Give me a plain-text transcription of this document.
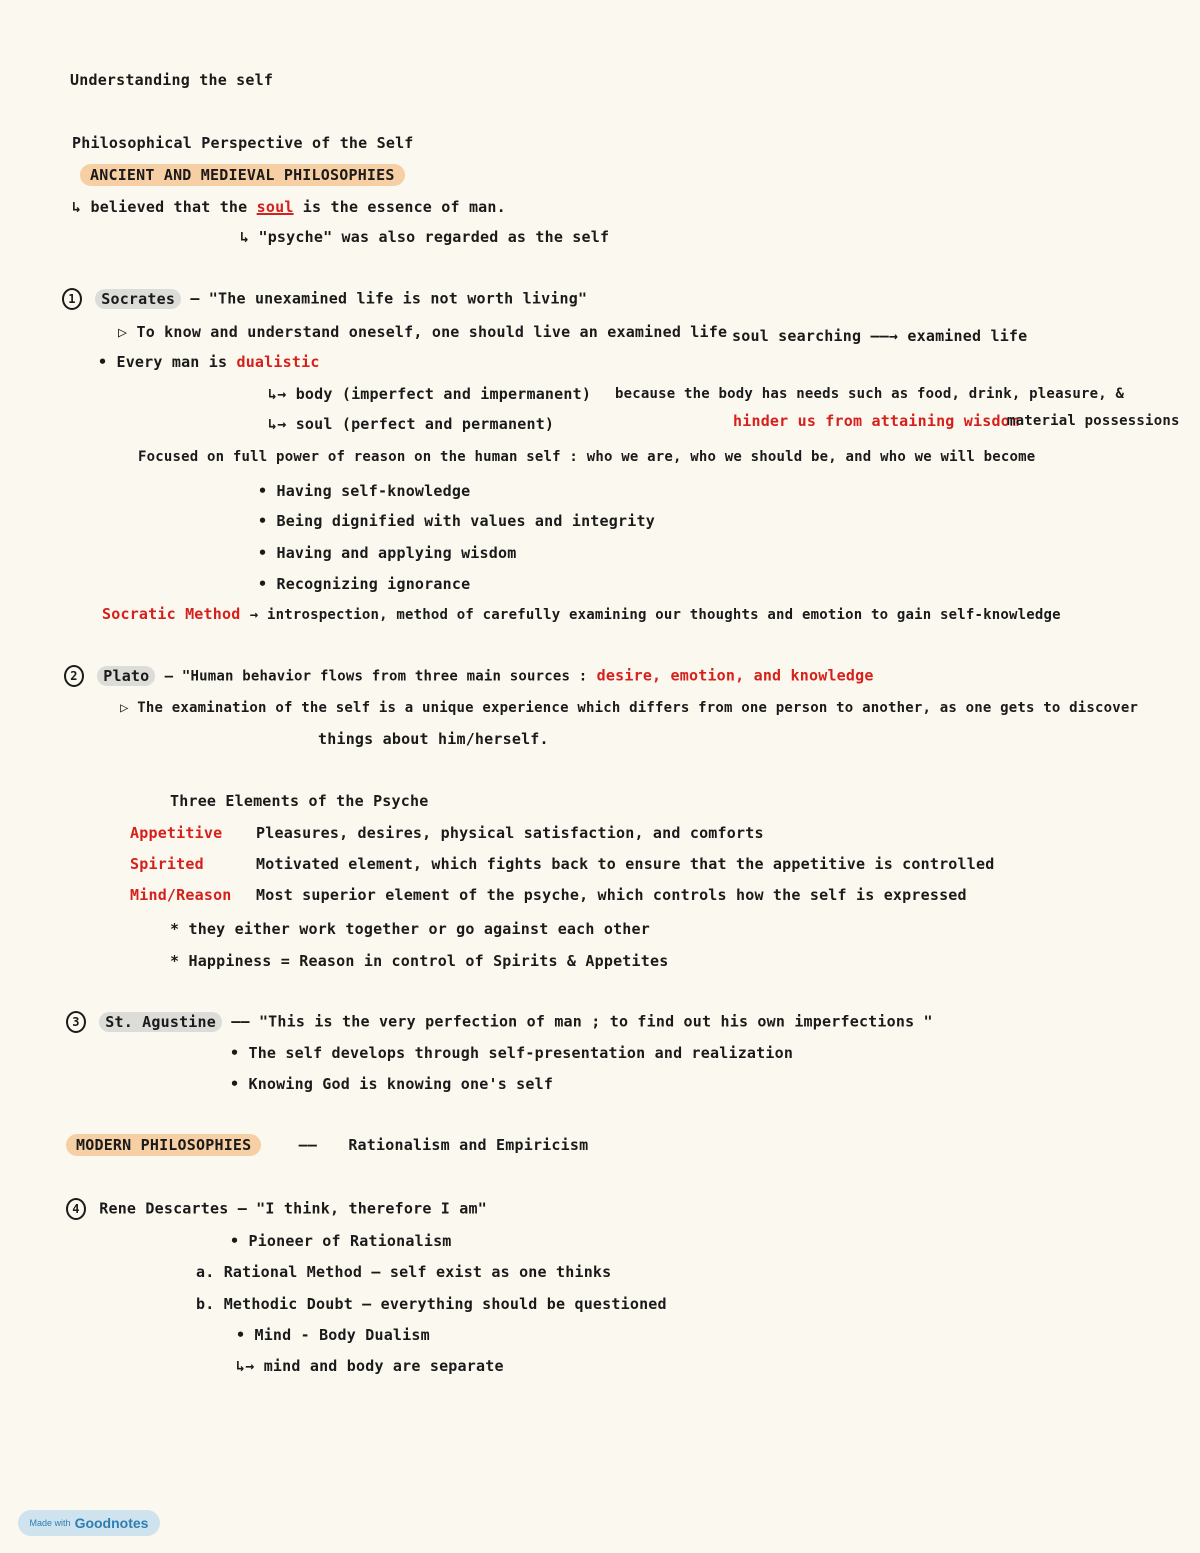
Understanding the self
Philosophical Perspective of the Self
ANCIENT AND MEDIEVAL PHILOSOPHIES
↳ believed that the soul is the essence of man.
↳ "psyche" was also regarded as the self
1 Socrates — "The unexamined life is not worth living"
▷ To know and understand oneself, one should live an examined life soul searching ——→ examined life
• Every man is dualistic
↳→ body (imperfect and impermanent) because the body has needs such as food, drink, pleasure, &
↳→ soul (perfect and permanent)	hinder us from attaining wisdom
material possessions
Focused on full power of reason on the human self : who we are, who we should be, and who we will become
• Having self-knowledge
• Being dignified with values and integrity
• Having and applying wisdom
• Recognizing ignorance
Socratic Method → introspection, method of carefully examining our thoughts and emotion to gain self-knowledge
2 Plato — "Human behavior flows from three main sources : desire, emotion, and knowledge
▷ The examination of the self is a unique experience which differs from one person to another, as one gets to discover
things about him/herself.
Three Elements of the Psyche
Appetitive Pleasures, desires, physical satisfaction, and comforts
Spirited	Motivated element, which fights back to ensure that the appetitive is controlled
Mind/Reason Most superior element of the psyche, which controls how the self is expressed
* they either work together or go against each other
* Happiness = Reason in control of Spirits & Appetites
3 St. Agustine —— "This is the very perfection of man ; to find out his own imperfections "
• The self develops through self-presentation and realization
• Knowing God is knowing one's self
MODERN PHILOSOPHIES	—— Rationalism and Empiricism
4 Rene Descartes — "I think, therefore I am"
• Pioneer of Rationalism
a. Rational Method — self exist as one thinks
b. Methodic Doubt — everything should be questioned
• Mind - Body Dualism
↳→ mind and body are separate
Made with Goodnotes
